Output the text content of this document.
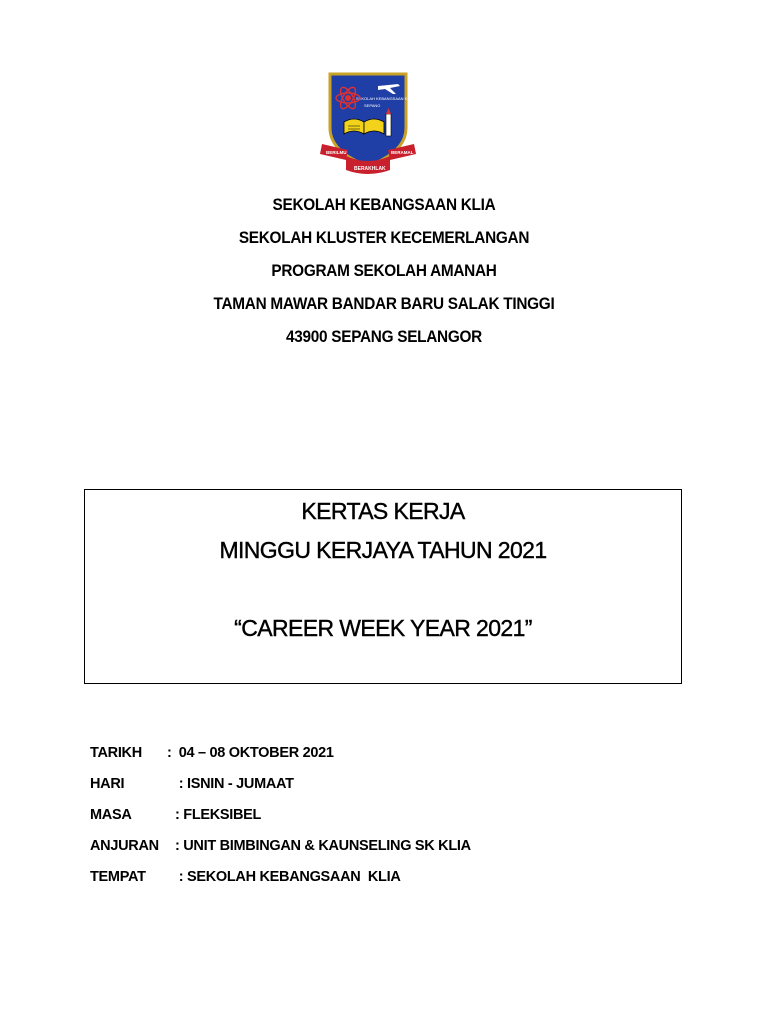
SEKOLAH KEBANGSAAN KLIA
SEPANG
BERILMU	BERAMAL
BERAKHLAK
SEKOLAH KEBANGSAAN KLIA
SEKOLAH KLUSTER KECEMERLANGAN
PROGRAM SEKOLAH AMANAH
TAMAN MAWAR BANDAR BARU SALAK TINGGI
43900 SEPANG SELANGOR
KERTAS KERJA
MINGGU KERJAYA TAHUN 2021
“CAREER WEEK YEAR 2021”
TARIKH : 04 – 08 OKTOBER 2021
HARI	: ISNIN - JUMAAT
MASA	: FLEKSIBEL
ANJURAN : UNIT BIMBINGAN & KAUNSELING SK KLIA
TEMPAT : SEKOLAH KEBANGSAAN  KLIA
